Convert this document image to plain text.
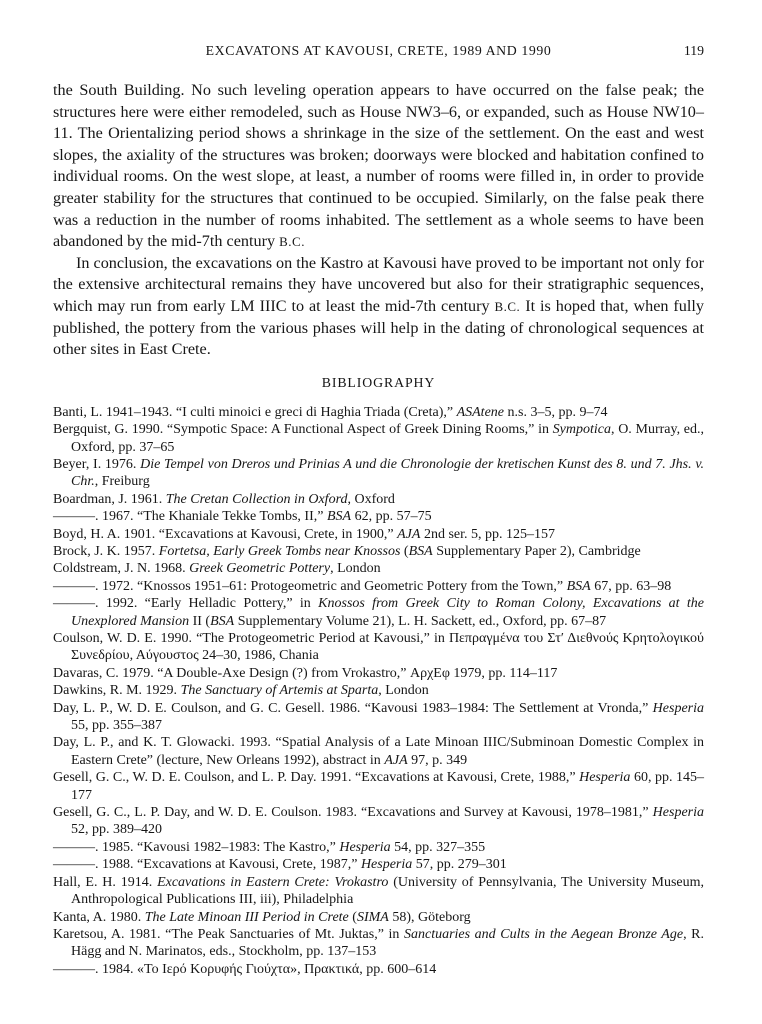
EXCAVATONS AT KAVOUSI, CRETE, 1989 AND 1990	119

the South Building. No such leveling operation appears to have occurred on the false peak; the structures here were either remodeled, such as House NW3–6, or expanded, such as House NW10–11. The Orientalizing period shows a shrinkage in the size of the settlement. On the east and west slopes, the axiality of the structures was broken; doorways were blocked and habitation confined to individual rooms. On the west slope, at least, a number of rooms were filled in, in order to provide greater stability for the structures that continued to be occupied. Similarly, on the false peak there was a reduction in the number of rooms inhabited. The settlement as a whole seems to have been abandoned by the mid-7th century B.C.

In conclusion, the excavations on the Kastro at Kavousi have proved to be important not only for the extensive architectural remains they have uncovered but also for their stratigraphic sequences, which may run from early LM IIIC to at least the mid-7th century B.C. It is hoped that, when fully published, the pottery from the various phases will help in the dating of chronological sequences at other sites in East Crete.

BIBLIOGRAPHY

Banti, L. 1941–1943. “I culti minoici e greci di Haghia Triada (Creta),” ASAtene n.s. 3–5, pp. 9–74

Bergquist, G. 1990. “Sympotic Space: A Functional Aspect of Greek Dining Rooms,” in Sympotica, O. Murray, ed., Oxford, pp. 37–65

Beyer, I. 1976. Die Tempel von Dreros und Prinias A und die Chronologie der kretischen Kunst des 8. und 7. Jhs. v. Chr., Freiburg

Boardman, J. 1961. The Cretan Collection in Oxford, Oxford

———. 1967. “The Khaniale Tekke Tombs, II,” BSA 62, pp. 57–75

Boyd, H. A. 1901. “Excavations at Kavousi, Crete, in 1900,” AJA 2nd ser. 5, pp. 125–157

Brock, J. K. 1957. Fortetsa, Early Greek Tombs near Knossos (BSA Supplementary Paper 2), Cambridge

Coldstream, J. N. 1968. Greek Geometric Pottery, London

———. 1972. “Knossos 1951–61: Protogeometric and Geometric Pottery from the Town,” BSA 67, pp. 63–98

———. 1992. “Early Helladic Pottery,” in Knossos from Greek City to Roman Colony, Excavations at the Unexplored Mansion II (BSA Supplementary Volume 21), L. H. Sackett, ed., Oxford, pp. 67–87

Coulson, W. D. E. 1990. “The Protogeometric Period at Kavousi,” in Πεπραγμένα του Στ′ Διεθνούς Κρητολογικού Συνεδρίου, Αύγουστος 24–30, 1986, Chania

Davaras, C. 1979. “A Double-Axe Design (?) from Vrokastro,” ΑρχΕφ 1979, pp. 114–117

Dawkins, R. M. 1929. The Sanctuary of Artemis at Sparta, London

Day, L. P., W. D. E. Coulson, and G. C. Gesell. 1986. “Kavousi 1983–1984: The Settlement at Vronda,” Hesperia 55, pp. 355–387

Day, L. P., and K. T. Glowacki. 1993. “Spatial Analysis of a Late Minoan IIIC/Subminoan Domestic Complex in Eastern Crete” (lecture, New Orleans 1992), abstract in AJA 97, p. 349

Gesell, G. C., W. D. E. Coulson, and L. P. Day. 1991. “Excavations at Kavousi, Crete, 1988,” Hesperia 60, pp. 145–177

Gesell, G. C., L. P. Day, and W. D. E. Coulson. 1983. “Excavations and Survey at Kavousi, 1978–1981,” Hesperia 52, pp. 389–420

———. 1985. “Kavousi 1982–1983: The Kastro,” Hesperia 54, pp. 327–355

———. 1988. “Excavations at Kavousi, Crete, 1987,” Hesperia 57, pp. 279–301

Hall, E. H. 1914. Excavations in Eastern Crete: Vrokastro (University of Pennsylvania, The University Museum, Anthropological Publications III, iii), Philadelphia

Kanta, A. 1980. The Late Minoan III Period in Crete (SIMA 58), Göteborg

Karetsou, A. 1981. “The Peak Sanctuaries of Mt. Juktas,” in Sanctuaries and Cults in the Aegean Bronze Age, R. Hägg and N. Marinatos, eds., Stockholm, pp. 137–153

———. 1984. «Το Ιερό Κορυφής Γιούχτα», Πρακτικά, pp. 600–614
